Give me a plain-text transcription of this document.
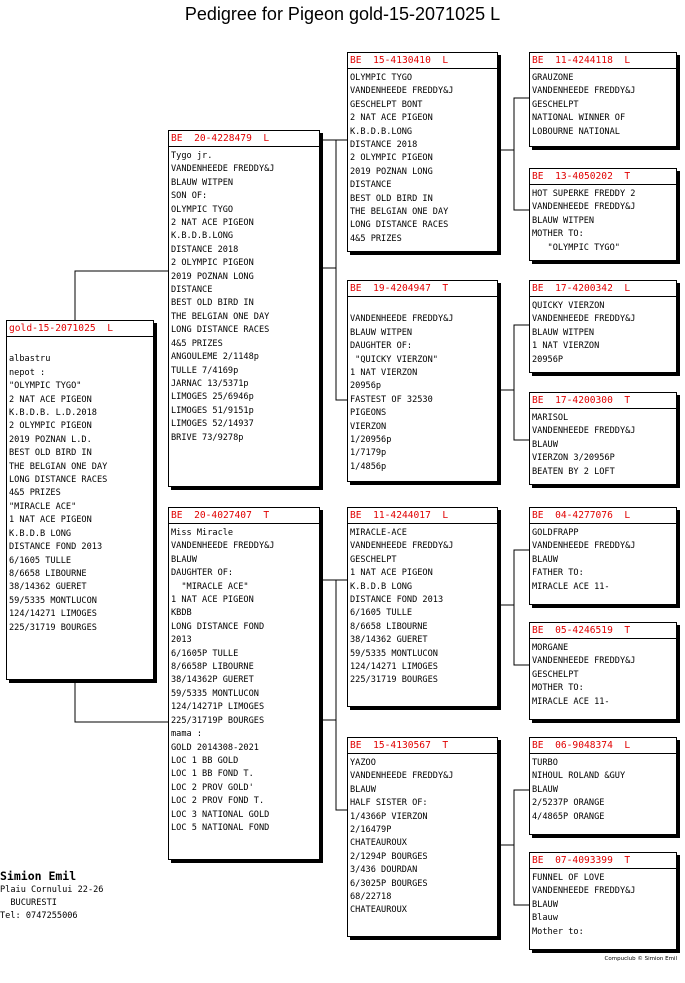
Pedigree for Pigeon gold-15-2071025 L
gold-15-2071025  L

albastru
nepot :
"OLYMPIC TYGO"
2 NAT ACE PIGEON
K.B.D.B. L.D.2018
2 OLYMPIC PIGEON
2019 POZNAN L.D.
BEST OLD BIRD IN
THE BELGIAN ONE DAY
LONG DISTANCE RACES
4&5 PRIZES
"MIRACLE ACE"
1 NAT ACE PIGEON
K.B.D.B LONG
DISTANCE FOND 2013
6/1605 TULLE
8/6658 LIBOURNE
38/14362 GUERET
59/5335 MONTLUCON
124/14271 LIMOGES
225/31719 BOURGES
BE  20-4228479  L
Tygo jr.
VANDENHEEDE FREDDY&J
BLAUW WITPEN
SON OF:
OLYMPIC TYGO
2 NAT ACE PIGEON
K.B.D.B.LONG
DISTANCE 2018
2 OLYMPIC PIGEON
2019 POZNAN LONG
DISTANCE
BEST OLD BIRD IN
THE BELGIAN ONE DAY
LONG DISTANCE RACES
4&5 PRIZES
ANGOULEME 2/1148p
TULLE 7/4169p
JARNAC 13/5371p
LIMOGES 25/6946p
LIMOGES 51/9151p
LIMOGES 52/14937
BRIVE 73/9278p
BE  20-4027407  T
Miss Miracle
VANDENHEEDE FREDDY&J
BLAUW
DAUGHTER OF:
"MIRACLE ACE"
1 NAT ACE PIGEON
KBDB
LONG DISTANCE FOND
2013
6/1605P TULLE
8/6658P LIBOURNE
38/14362P GUERET
59/5335 MONTLUCON
124/14271P LIMOGES
225/31719P BOURGES
mama :
GOLD 2014308-2021
LOC 1 BB GOLD
LOC 1 BB FOND T.
LOC 2 PROV GOLD'
LOC 2 PROV FOND T.
LOC 3 NATIONAL GOLD
LOC 5 NATIONAL FOND
BE  15-4130410  L
OLYMPIC TYGO
VANDENHEEDE FREDDY&J
GESCHELPT BONT
2 NAT ACE PIGEON
K.B.D.B.LONG
DISTANCE 2018
2 OLYMPIC PIGEON
2019 POZNAN LONG
DISTANCE
BEST OLD BIRD IN
THE BELGIAN ONE DAY
LONG DISTANCE RACES
4&5 PRIZES
BE  19-4204947  T

VANDENHEEDE FREDDY&J
BLAUW WITPEN
DAUGHTER OF:
"QUICKY VIERZON"
1 NAT VIERZON
20956p
FASTEST OF 32530
PIGEONS
VIERZON
1/20956p
1/7179p
1/4856p
BE  11-4244017  L
MIRACLE-ACE
VANDENHEEDE FREDDY&J
GESCHELPT
1 NAT ACE PIGEON
K.B.D.B LONG
DISTANCE FOND 2013
6/1605 TULLE
8/6658 LIBOURNE
38/14362 GUERET
59/5335 MONTLUCON
124/14271 LIMOGES
225/31719 BOURGES
BE  15-4130567  T
YAZOO
VANDENHEEDE FREDDY&J
BLAUW
HALF SISTER OF:
1/4366P VIERZON
2/16479P
CHATEAUROUX
2/1294P BOURGES
3/436 DOURDAN
6/3025P BOURGES
68/22718
CHATEAUROUX
BE  11-4244118  L
GRAUZONE
VANDENHEEDE FREDDY&J
GESCHELPT
NATIONAL WINNER OF
LOBOURNE NATIONAL
BE  13-4050202  T
HOT SUPERKE FREDDY 2
VANDENHEEDE FREDDY&J
BLAUW WITPEN
MOTHER TO:
"OLYMPIC TYGO"
BE  17-4200342  L
QUICKY VIERZON
VANDENHEEDE FREDDY&J
BLAUW WITPEN
1 NAT VIERZON
20956P
BE  17-4200300  T
MARISOL
VANDENHEEDE FREDDY&J
BLAUW
VIERZON 3/20956P
BEATEN BY 2 LOFT
BE  04-4277076  L
GOLDFRAPP
VANDENHEEDE FREDDY&J
BLAUW
FATHER TO:
MIRACLE ACE 11-
BE  05-4246519  T
MORGANE
VANDENHEEDE FREDDY&J
GESCHELPT
MOTHER TO:
MIRACLE ACE 11-
BE  06-9048374  L
TURBO
NIHOUL ROLAND &GUY
BLAUW
2/5237P ORANGE
4/4865P ORANGE
BE  07-4093399  T
FUNNEL OF LOVE
VANDENHEEDE FREDDY&J
BLAUW
Blauw
Mother to:
Simion Emil
Plaiu Cornului 22-26
BUCURESTI
Tel: 0747255006
Compuclub © Simion Emil
